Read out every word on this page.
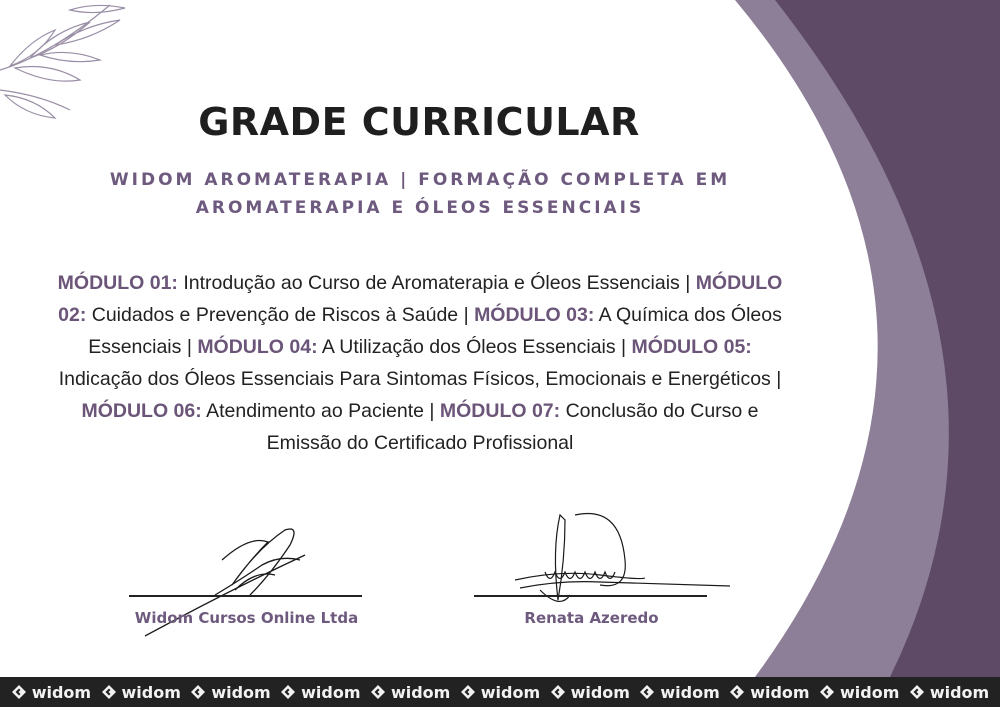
GRADE CURRICULAR
WIDOM AROMATERAPIA | FORMAÇÃO COMPLETA EM AROMATERAPIA E ÓLEOS ESSENCIAIS
MÓDULO 01: Introdução ao Curso de Aromaterapia e Óleos Essenciais | MÓDULO 02: Cuidados e Prevenção de Riscos à Saúde | MÓDULO 03: A Química dos Óleos Essenciais | MÓDULO 04: A Utilização dos Óleos Essenciais | MÓDULO 05: Indicação dos Óleos Essenciais Para Sintomas Físicos, Emocionais e Energéticos | MÓDULO 06: Atendimento ao Paciente | MÓDULO 07: Conclusão do Curso e Emissão do Certificado Profissional
Widom Cursos Online Ltda	Renata Azeredo
widom widom widom widom widom widom widom widom widom widom widom
